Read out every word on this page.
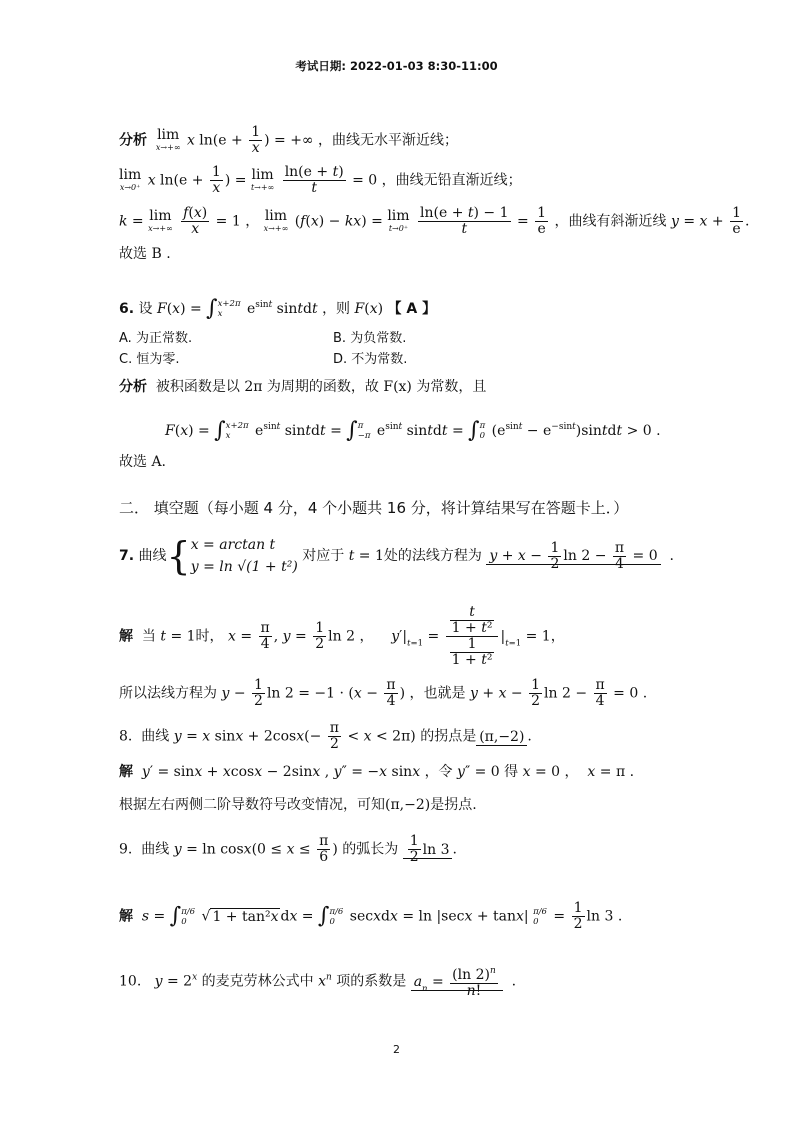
考试日期: 2022-01-03 8:30-11:00
分析 lim
x→+∞ x $\ln(e + \frac{1}{x}$ ) = +∞ ，曲线无水平渐近线；
lim
x→0⁺ x $\ln(e + \frac{1}{x}$ ) = lim
t→+∞
$\frac{\ln(e + t)}{t} = 0$ ，曲线无铅直渐近线；
k = lim
x→+∞
$\frac{f(x)}{x} = 1$ ， lim
x→+∞ (f(x) − kx) = lim
t→0⁺
$\frac{\ln(e + t) - 1}{t} = \frac{1}{e}$ ，曲线有斜渐近线 $y = x + \frac{1}{e}$ .
故选 B .
6. 设 F(x) = ∫ x+2π
x	$e^{sint}$ sintdt ，则 F(x) 【 A 】
A. 为正常数.	B. 为负常数.
C. 恒为零.	D. 不为常数.
分析 被积函数是以 2π 为周期的函数，故 F(x) 为常数，且
F(x) = ∫ x+2π
x	$e^{sint}$ sintdt = ∫ π
−π $e^{sint}$ sintdt = ∫ π
0 ($e^{sint}$ − $e^{-sint})sintdt > 0$ .
故选 A.
二． 填空题（每小题 4 分，4 个小题共 16 分，将计算结果写在答题卡上．）
7. 曲线{ x = arctan t
y = ln √(1 + t²)
对应于 t = 1处的法线方程为 $y + x - \frac{1}{2}$ $\ln 2 - \frac{\pi}{4} = 0$  .
解 当 t = 1时， $x = \frac{\pi}{4}$ , $y = \frac{1}{2}$ ln 2 ，    $y'|_{t=1} = \frac{\frac{t}{\text{1 + t²}}}{\frac{1}{\text{1 + t²}}} |_{t=1} = 1$，
所以法线方程为 $y - \frac{1}{2}$ $\ln 2 = -1 \cdot (x - \frac{\pi}{4}$ ) ，也就是 $y + x - \frac{1}{2}$ $\ln 2 - \frac{\pi}{4} = 0$ .
8. 曲线 y = x $\sin x + 2\cos x(- \frac{\pi}{2} < x < 2\pi)$ 的拐点是 (π,−2) .
解 y′ = sinx + xcosx − 2sinx , y″ = −x sinx ，令 y″ = 0 得 x = 0 ，  x = π .
根据左右两侧二阶导数符号改变情况，可知(π,−2)是拐点.
9. 曲线 $y = \ln \cos x(0 \le x \le \frac{\pi}{6}$ ) 的弧长为 $\frac{1}{2}$ ln 3 .
解 s = ∫ π/6
0 √ 1 + tan²x dx = ∫ π/6
0 secxdx = ln |secx + tanx| π/6
$0 = \frac{1}{2}$ ln 3 .
10. $y = 2^x$ 的麦克劳林公式中 $x^n$ 项的系数是 $a_n = \frac{(\ln 2)^n}{n!}$ .
2
